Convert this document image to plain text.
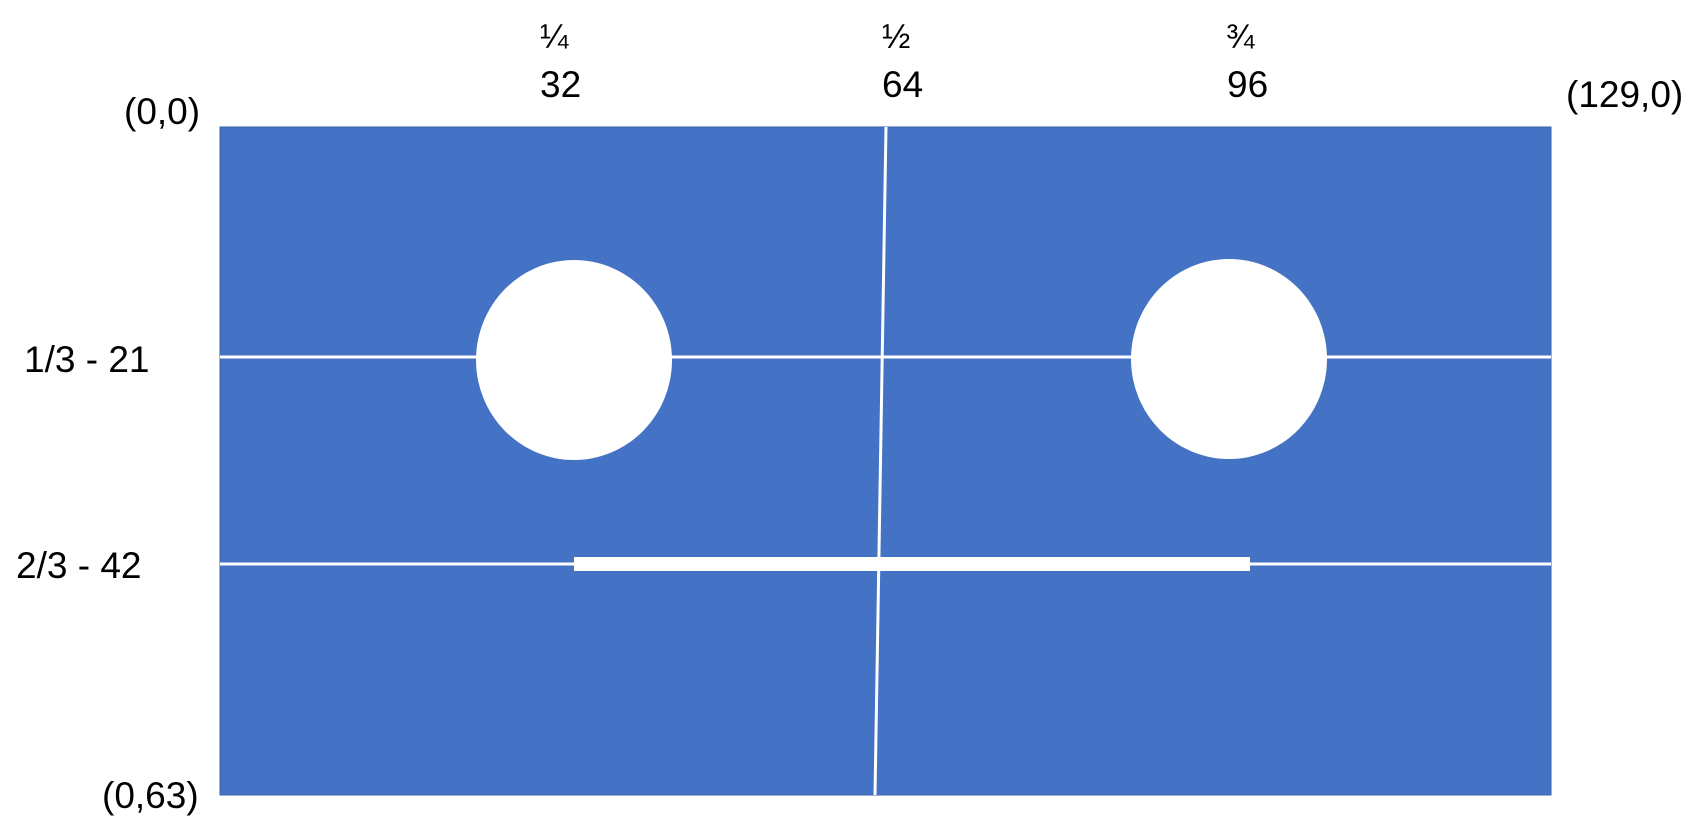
(0,0)	(129,0)
(0,63)
¼
32
½
64
¾
96
1/3 - 21
2/3 - 42
